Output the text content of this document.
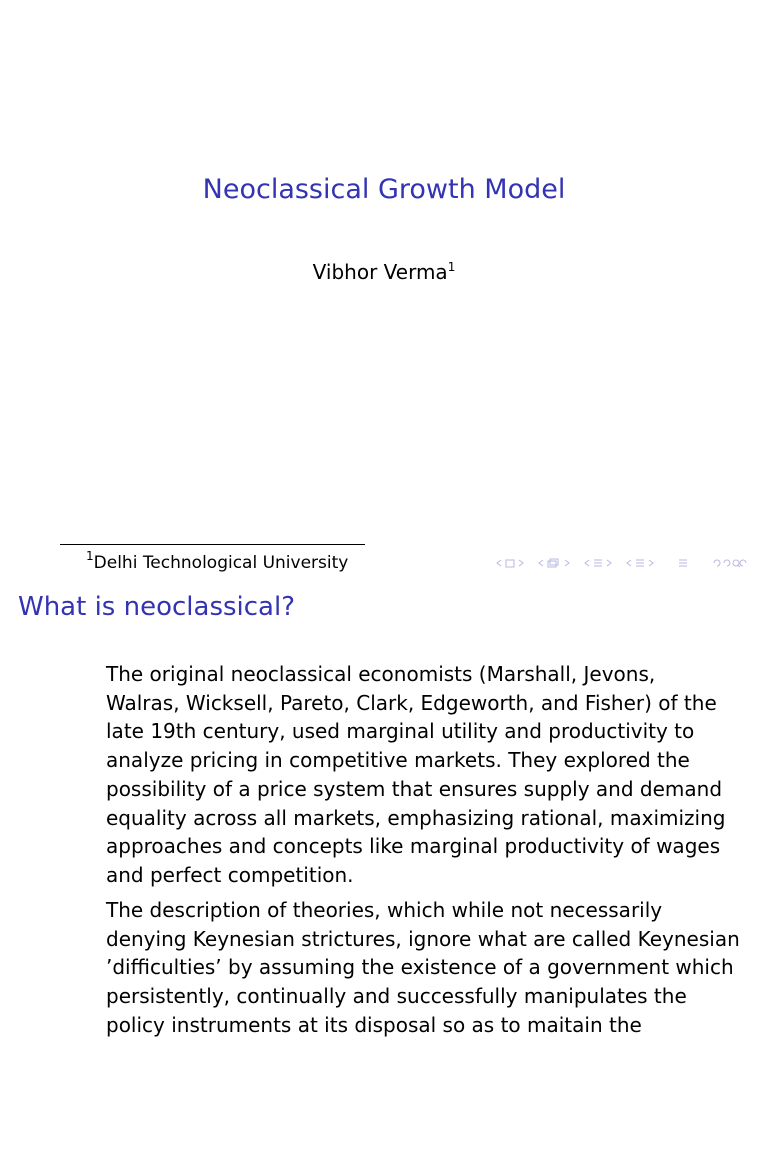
Neoclassical Growth Model
Vibhor Verma$^1$
$^1$Delhi Technological University
What is neoclassical?
The original neoclassical economists (Marshall, Jevons,
Walras, Wicksell, Pareto, Clark, Edgeworth, and Fisher) of the
late 19th century, used marginal utility and productivity to
analyze pricing in competitive markets. They explored the
possibility of a price system that ensures supply and demand
equality across all markets, emphasizing rational, maximizing
approaches and concepts like marginal productivity of wages
and perfect competition.
The description of theories, which while not necessarily
denying Keynesian strictures, ignore what are called Keynesian
’difficulties’ by assuming the existence of a government which
persistently, continually and successfully manipulates the
policy instruments at its disposal so as to maitain the
